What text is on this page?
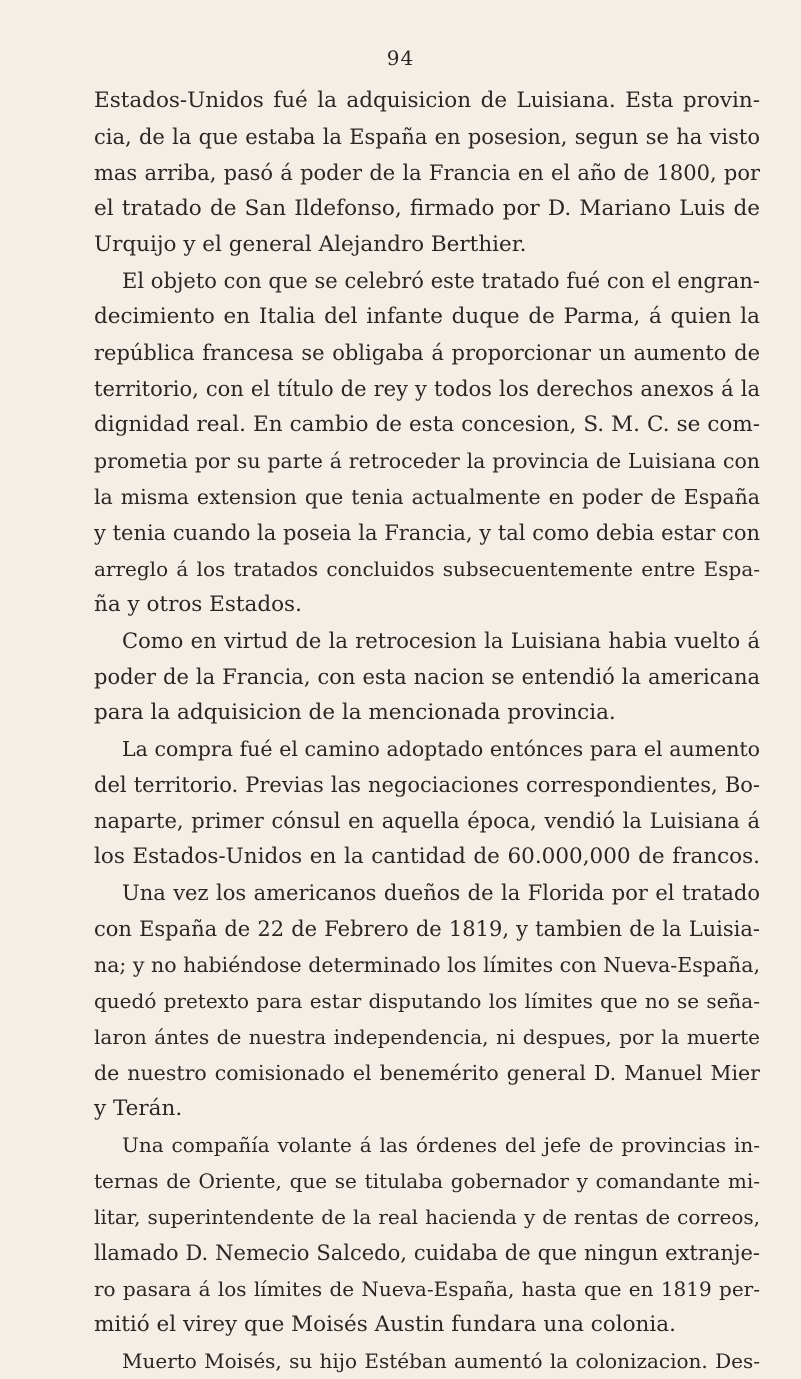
94

Estados-Unidos fué la adquisicion de Luisiana. Esta provin-

cia, de la que estaba la España en posesion, segun se ha visto

mas arriba, pasó á poder de la Francia en el año de 1800, por

el tratado de San Ildefonso, firmado por D. Mariano Luis de

Urquijo y el general Alejandro Berthier.

El objeto con que se celebró este tratado fué con el engran-

decimiento en Italia del infante duque de Parma, á quien la

república francesa se obligaba á proporcionar un aumento de

territorio, con el título de rey y todos los derechos anexos á la

dignidad real. En cambio de esta concesion, S. M. C. se com-

prometia por su parte á retroceder la provincia de Luisiana con

la misma extension que tenia actualmente en poder de España

y tenia cuando la poseia la Francia, y tal como debia estar con

arreglo á los tratados concluidos subsecuentemente entre Espa-

ña y otros Estados.

Como en virtud de la retrocesion la Luisiana habia vuelto á

poder de la Francia, con esta nacion se entendió la americana

para la adquisicion de la mencionada provincia.

La compra fué el camino adoptado entónces para el aumento

del territorio. Previas las negociaciones correspondientes, Bo-

naparte, primer cónsul en aquella época, vendió la Luisiana á

los Estados-Unidos en la cantidad de 60.000,000 de francos.

Una vez los americanos dueños de la Florida por el tratado

con España de 22 de Febrero de 1819, y tambien de la Luisia-

na; y no habiéndose determinado los límites con Nueva-España,

quedó pretexto para estar disputando los límites que no se seña-

laron ántes de nuestra independencia, ni despues, por la muerte

de nuestro comisionado el benemérito general D. Manuel Mier

y Terán.

Una compañía volante á las órdenes del jefe de provincias in-

ternas de Oriente, que se titulaba gobernador y comandante mi-

litar, superintendente de la real hacienda y de rentas de correos,

llamado D. Nemecio Salcedo, cuidaba de que ningun extranje-

ro pasara á los límites de Nueva-España, hasta que en 1819 per-

mitió el virey que Moisés Austin fundara una colonia.

Muerto Moisés, su hijo Estéban aumentó la colonizacion. Des-
